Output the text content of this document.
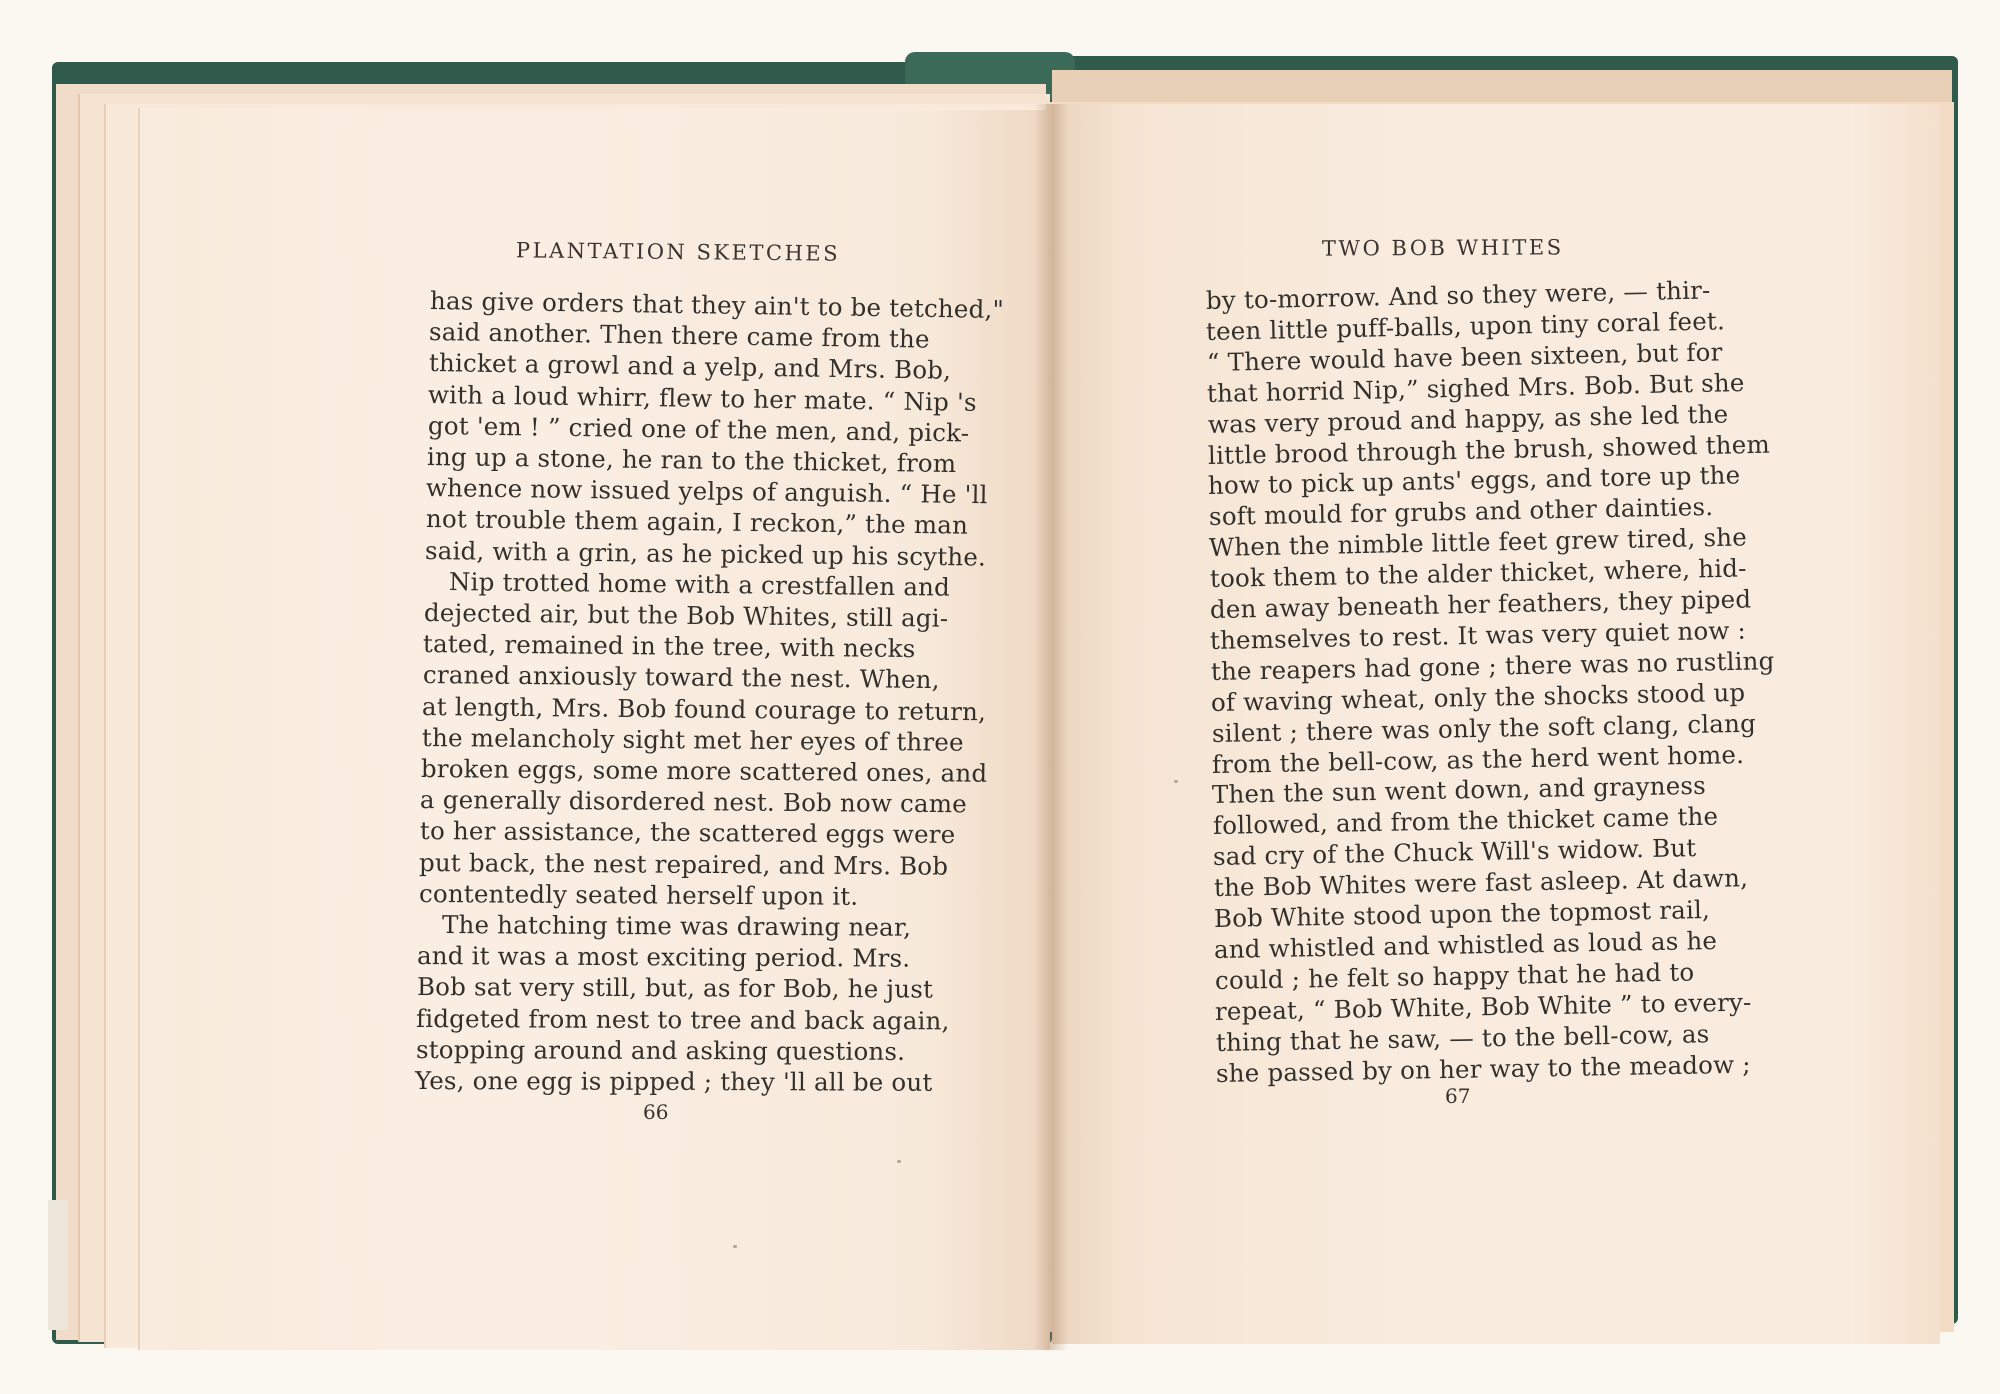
PLANTATION SKETCHES
has give orders that they ain't to be tetched,"
said another. Then there came from the
thicket a growl and a yelp, and Mrs. Bob,
with a loud whirr, flew to her mate. “ Nip 's
got 'em ! ” cried one of the men, and, pick-
ing up a stone, he ran to the thicket, from
whence now issued yelps of anguish. “ He 'll
not trouble them again, I reckon,” the man
said, with a grin, as he picked up his scythe.
Nip trotted home with a crestfallen and
dejected air, but the Bob Whites, still agi-
tated, remained in the tree, with necks
craned anxiously toward the nest. When,
at length, Mrs. Bob found courage to return,
the melancholy sight met her eyes of three
broken eggs, some more scattered ones, and
a generally disordered nest. Bob now came
to her assistance, the scattered eggs were
put back, the nest repaired, and Mrs. Bob
contentedly seated herself upon it.
The hatching time was drawing near,
and it was a most exciting period. Mrs.
Bob sat very still, but, as for Bob, he just
fidgeted from nest to tree and back again,
stopping around and asking questions.
Yes, one egg is pipped ; they 'll all be out
TWO BOB WHITES
by to-morrow. And so they were, — thir-
teen little puff-balls, upon tiny coral feet.
“ There would have been sixteen, but for
that horrid Nip,” sighed Mrs. Bob. But she
was very proud and happy, as she led the
little brood through the brush, showed them
how to pick up ants' eggs, and tore up the
soft mould for grubs and other dainties.
When the nimble little feet grew tired, she
took them to the alder thicket, where, hid-
den away beneath her feathers, they piped
themselves to rest. It was very quiet now :
the reapers had gone ; there was no rustling
of waving wheat, only the shocks stood up
silent ; there was only the soft clang, clang
from the bell-cow, as the herd went home.
Then the sun went down, and grayness
followed, and from the thicket came the
sad cry of the Chuck Will's widow. But
the Bob Whites were fast asleep. At dawn,
Bob White stood upon the topmost rail,
and whistled and whistled as loud as he
could ; he felt so happy that he had to
repeat, “ Bob White, Bob White ” to every-
thing that he saw, — to the bell-cow, as
she passed by on her way to the meadow ;
66
67
